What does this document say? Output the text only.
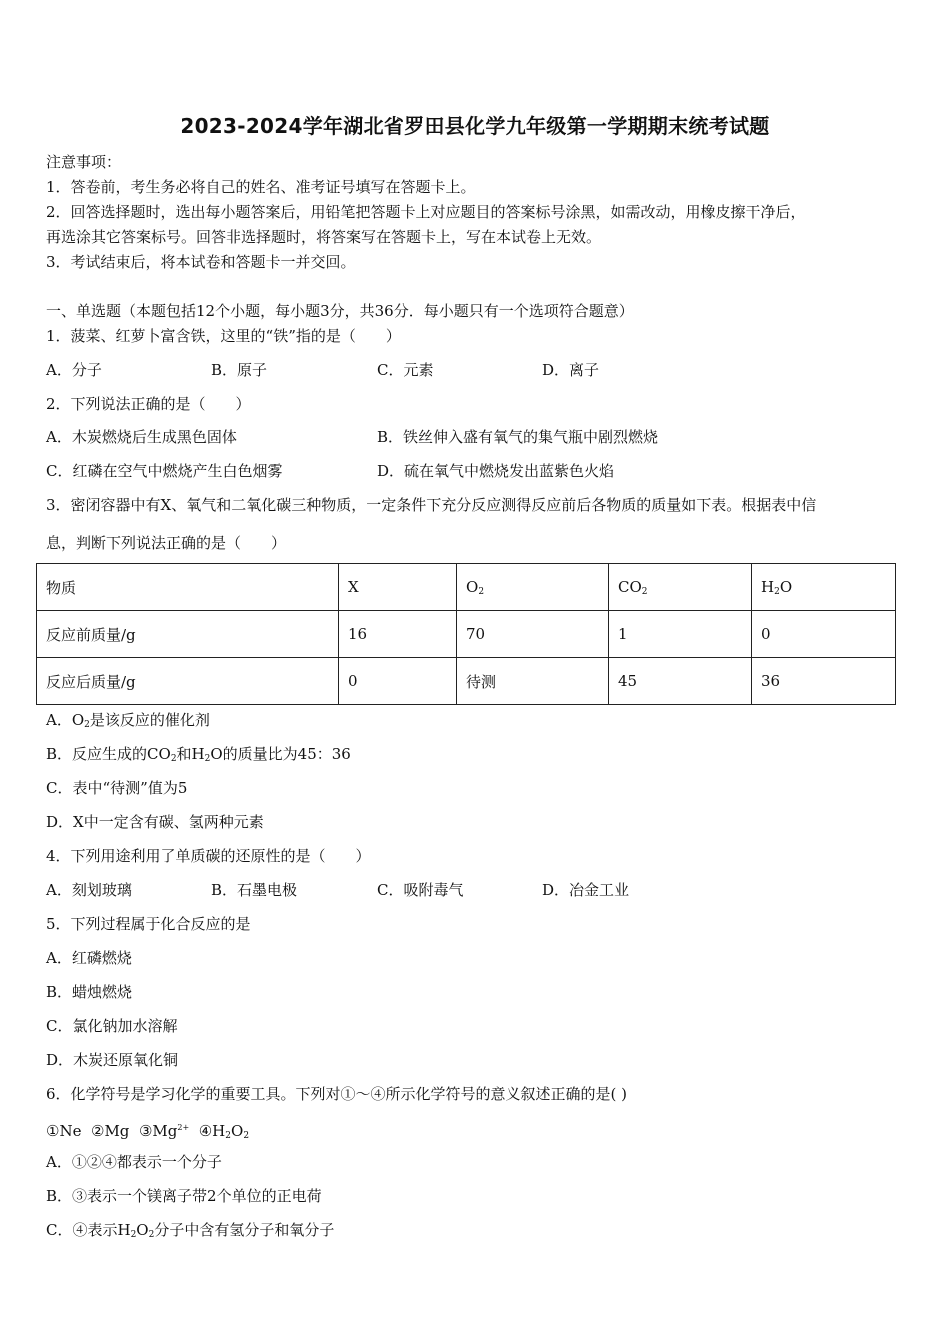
2023-2024学年湖北省罗田县化学九年级第一学期期末统考试题
注意事项：
1．答卷前，考生务必将自己的姓名、准考证号填写在答题卡上。
2．回答选择题时，选出每小题答案后，用铅笔把答题卡上对应题目的答案标号涂黑，如需改动，用橡皮擦干净后，
再选涂其它答案标号。回答非选择题时，将答案写在答题卡上，写在本试卷上无效。
3．考试结束后，将本试卷和答题卡一并交回。
一、单选题（本题包括12个小题，每小题3分，共36分．每小题只有一个选项符合题意）
1．菠菜、红萝卜富含铁，这里的“铁”指的是（　　）
A．分子	B．原子	C．元素	D．离子
2．下列说法正确的是（　　）
A．木炭燃烧后生成黑色固体	B．铁丝伸入盛有氧气的集气瓶中剧烈燃烧
C．红磷在空气中燃烧产生白色烟雾	D．硫在氧气中燃烧发出蓝紫色火焰
3．密闭容器中有X、氧气和二氧化碳三种物质，一定条件下充分反应测得反应前后各物质的质量如下表。根据表中信
息，判断下列说法正确的是（　　）
物质	X	$O_2$	$CO_2$	$H_2O$
反应前质量/g	16	70	1	0
反应后质量/g	0	待测	45	36
A．$O_2$是该反应的催化剂
B．反应生成的$CO_2$和$H_2O$的质量比为45：36
C．表中“待测”值为5
D．X中一定含有碳、氢两种元素
4．下列用途利用了单质碳的还原性的是（　　）
A．刻划玻璃	B．石墨电极	C．吸附毒气	D．冶金工业
5．下列过程属于化合反应的是
A．红磷燃烧
B．蜡烛燃烧
C．氯化钠加水溶解
D．木炭还原氧化铜
6．化学符号是学习化学的重要工具。下列对①～④所示化学符号的意义叙述正确的是( )
①Ne ②Mg $③Mg^{2+}$ $④H_2O_2$
A．①②④都表示一个分子
B．③表示一个镁离子带2个单位的正电荷
C．④表示$H_2O_2$分子中含有氢分子和氧分子
